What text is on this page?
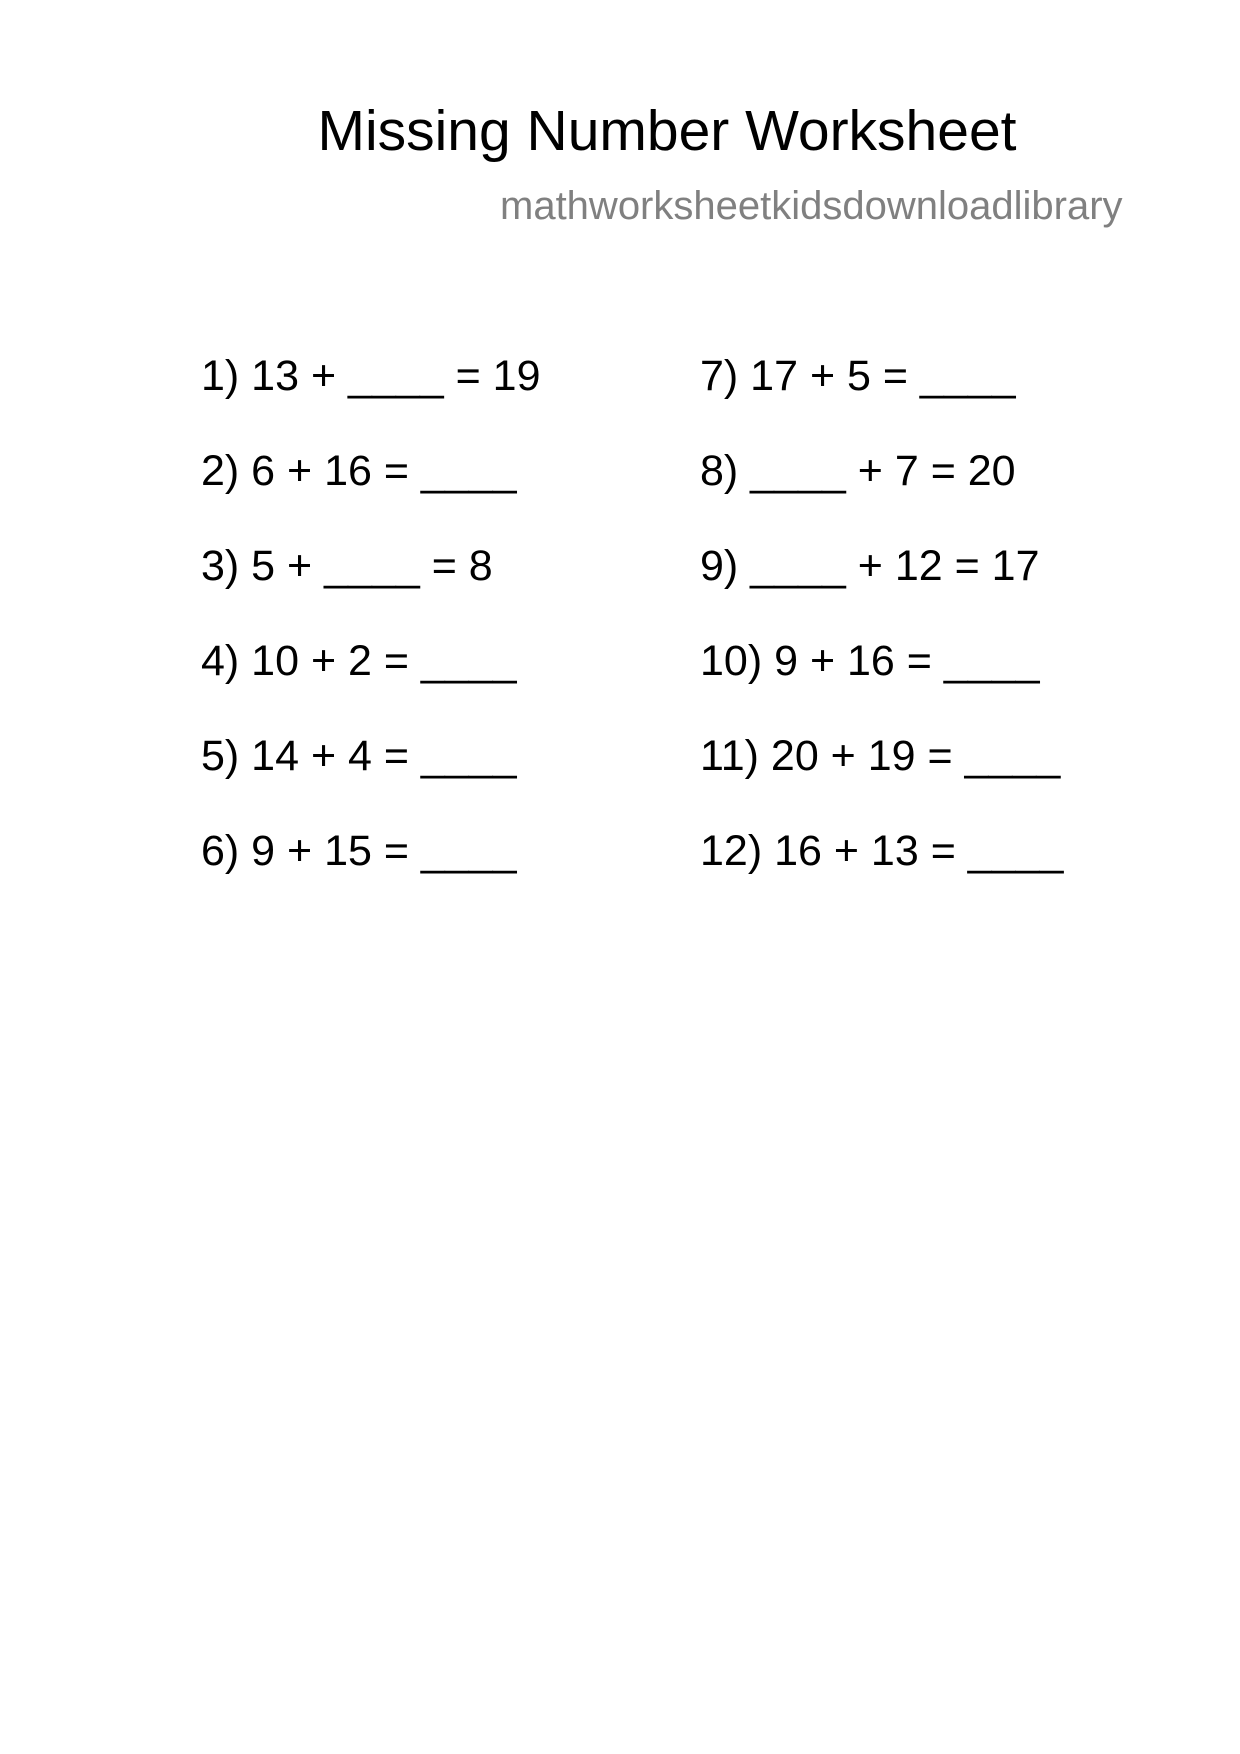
Missing Number Worksheet
mathworksheetkidsdownloadlibrary
1) 13 + ____ = 19
2) 6 + 16 = ____
3) 5 + ____ = 8
4) 10 + 2 = ____
5) 14 + 4 = ____
6) 9 + 15 = ____
7) 17 + 5 = ____
8) ____ + 7 = 20
9) ____ + 12 = 17
10) 9 + 16 = ____
11) 20 + 19 = ____
12) 16 + 13 = ____
